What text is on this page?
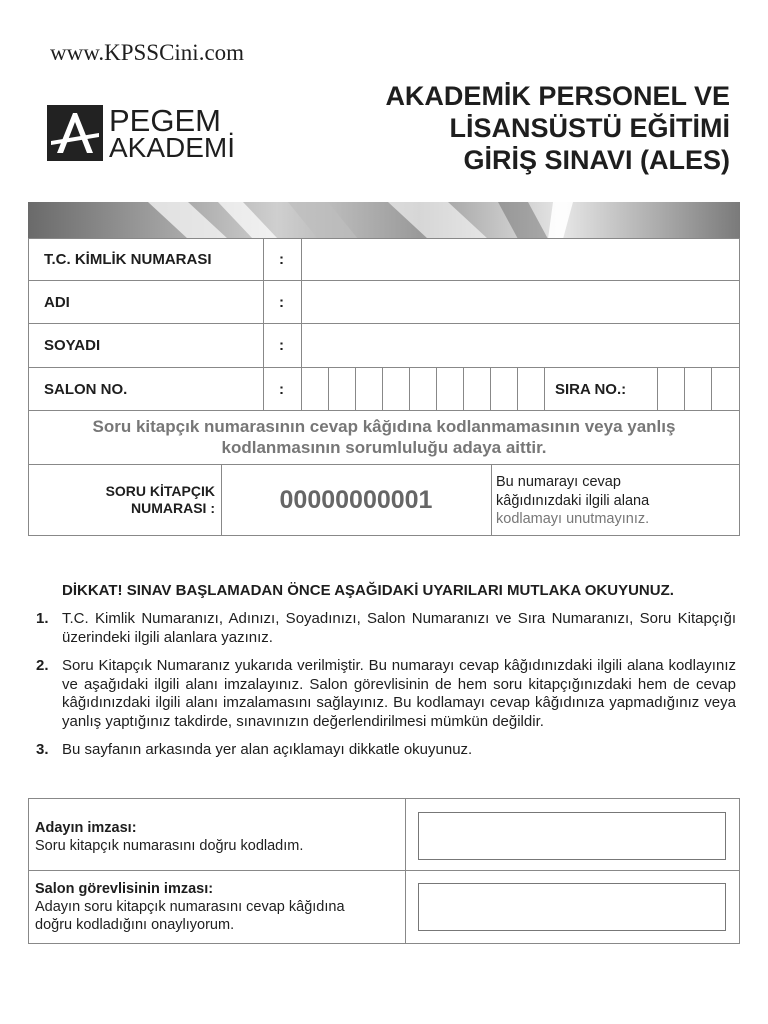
www.KPSSCini.com
PEGEM
AKADEMİ
AKADEMİK PERSONEL VE
LİSANSÜSTÜ EĞİTİMİ
GİRİŞ SINAVI (ALES)
T.C. KİMLİK NUMARASI	:
ADI	:
SOYADI	:
SALON NO.	:	SIRA NO.:
Soru kitapçık numarasının cevap kâğıdına kodlanmamasının veya yanlış
kodlanmasının sorumluluğu adaya aittir.
SORU KİTAPÇIK
NUMARASI :	00000000001
Bu numarayı cevap
kâğıdınızdaki ilgili alana
kodlamayı unutmayınız.
DİKKAT! SINAV BAŞLAMADAN ÖNCE AŞAĞIDAKİ UYARILARI MUTLAKA OKUYUNUZ.
1. T.C. Kimlik Numaranızı, Adınızı, Soyadınızı, Salon Numaranızı ve Sıra Numaranızı, Soru Kitapçığı üzerindeki ilgili alanlara yazınız.
2. Soru Kitapçık Numaranız yukarıda verilmiştir. Bu numarayı cevap kâğıdınızdaki ilgili alana kodlayınız ve aşağıdaki ilgili alanı imzalayınız. Salon görevlisinin de hem soru kitapçığınızdaki hem de cevap kâğıdınızdaki ilgili alanı imzalamasını sağlayınız. Bu kodlamayı cevap kâğıdınıza yapmadığınız veya yanlış yaptığınız takdirde, sınavınızın değerlendirilmesi mümkün değildir.
3. Bu sayfanın arkasında yer alan açıklamayı dikkatle okuyunuz.
Adayın imzası:
Soru kitapçık numarasını doğru kodladım.
Salon görevlisinin imzası:
Adayın soru kitapçık numarasını cevap kâğıdına
doğru kodladığını onaylıyorum.
